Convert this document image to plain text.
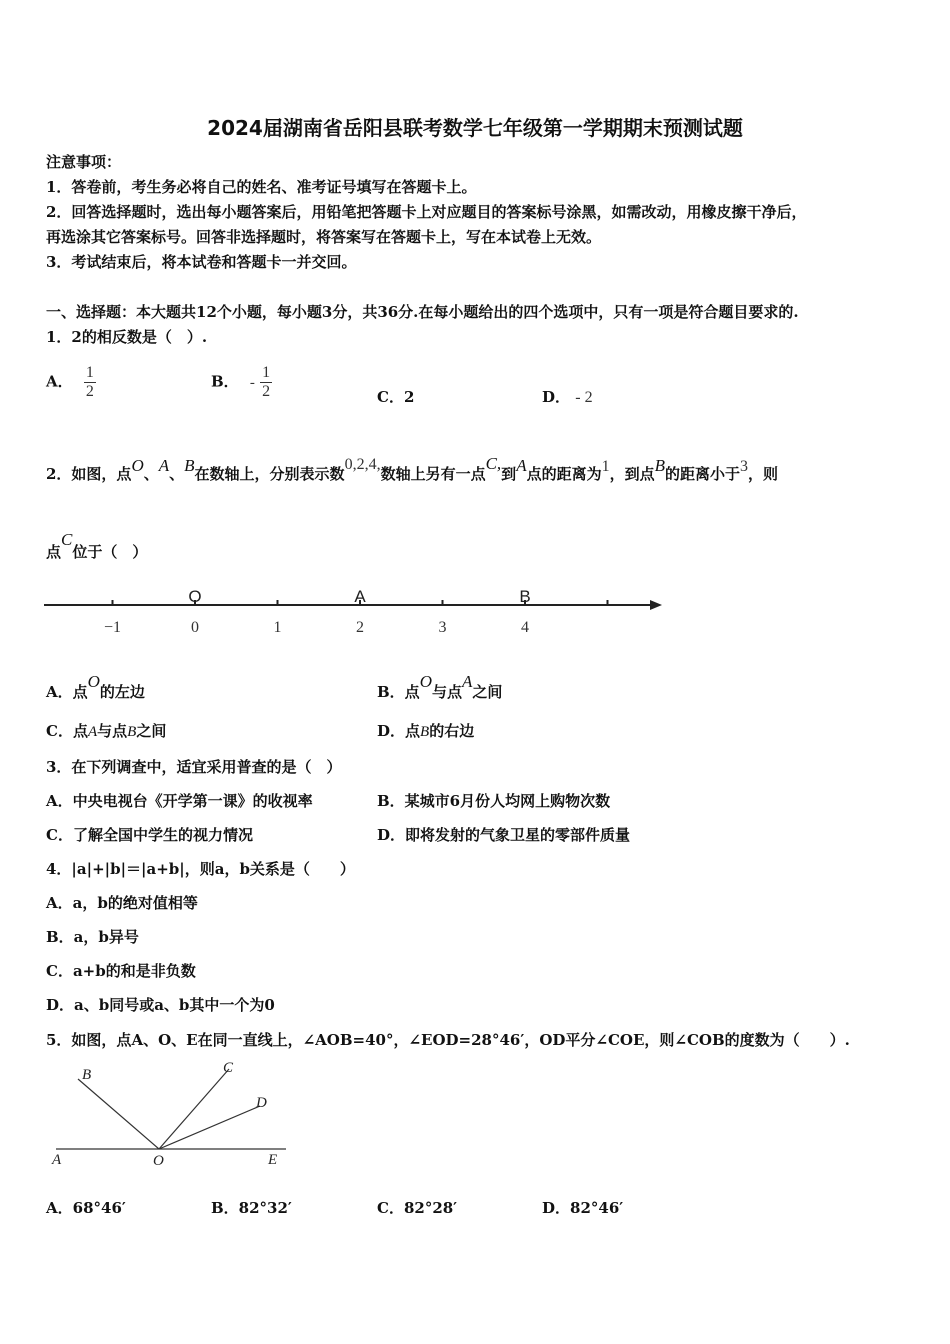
2024届湖南省岳阳县联考数学七年级第一学期期末预测试题
注意事项：
1．答卷前，考生务必将自己的姓名、准考证号填写在答题卡上。
2．回答选择题时，选出每小题答案后，用铅笔把答题卡上对应题目的答案标号涂黑，如需改动，用橡皮擦干净后，
再选涂其它答案标号。回答非选择题时，将答案写在答题卡上，写在本试卷上无效。
3．考试结束后，将本试卷和答题卡一并交回。
一、选择题：本大题共12个小题，每小题3分，共36分.在每小题给出的四个选项中，只有一项是符合题目要求的.
1．2的相反数是（　）.
A． $\frac{1}{2}$	B． - $\frac{1}{2}$	C．2	D． - 2
2．如图，点O、A、B在数轴上，分别表示数0,2,4,数轴上另有一点C,到A点的距离为1，到点B的距离小于3，则
点C位于（　）
−1	0	1	2	3	4
O	A	B
A．点O的左边	B．点O与点A之间
C．点A与点B之间	D．点B的右边
3．在下列调查中，适宜采用普查的是（　）
A．中央电视台《开学第一课》的收视率	B．某城市6月份人均网上购物次数
C．了解全国中学生的视力情况	D．即将发射的气象卫星的零部件质量
4．|a|+|b|＝|a+b|，则a，b关系是（　　）
A．a，b的绝对值相等
B．a，b异号
C．a+b的和是非负数
D．a、b同号或a、b其中一个为0
5．如图，点A、O、E在同一直线上，∠AOB=40°，∠EOD=28°46′，OD平分∠COE，则∠COB的度数为（　　）.
A	O	E
B	C
D
A．68°46′	B．82°32′	C．82°28′	D．82°46′
